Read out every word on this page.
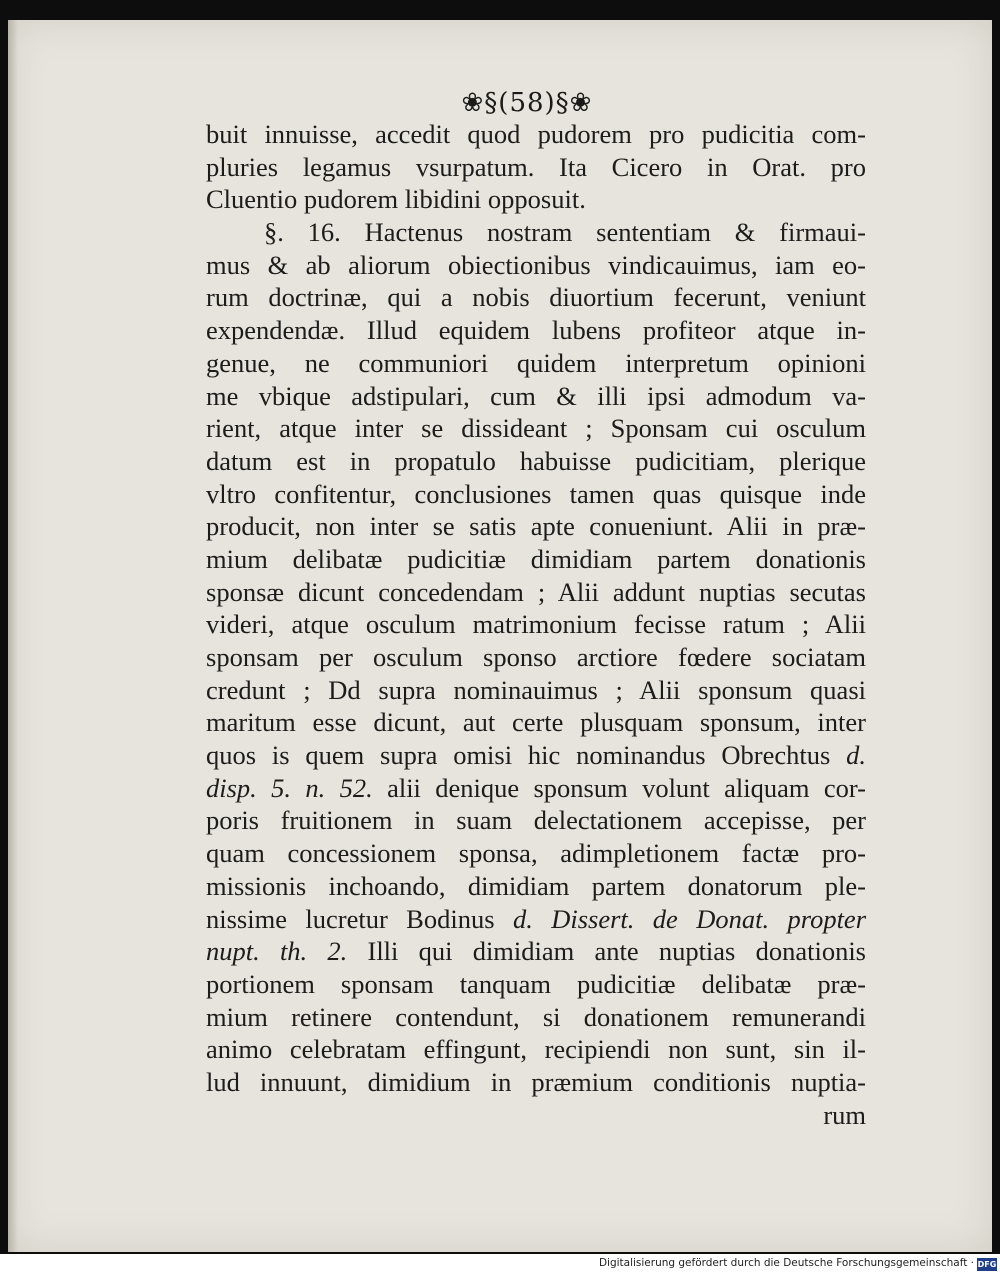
❀§(58)§❀
buit innuisse, accedit quod pudorem pro pudicitia com-
pluries legamus vsurpatum. Ita Cicero in Orat. pro
Cluentio pudorem libidini opposuit.
§. 16. Hactenus nostram sententiam & firmaui-
mus & ab aliorum obiectionibus vindicauimus, iam eo-
rum doctrinæ, qui a nobis diuortium fecerunt, veniunt
expendendæ. Illud equidem lubens profiteor atque in-
genue, ne communiori quidem interpretum opinioni
me vbique adstipulari, cum & illi ipsi admodum va-
rient, atque inter se dissideant ; Sponsam cui osculum
datum est in propatulo habuisse pudicitiam, plerique
vltro confitentur, conclusiones tamen quas quisque inde
producit, non inter se satis apte conueniunt. Alii in præ-
mium delibatæ pudicitiæ dimidiam partem donationis
sponsæ dicunt concedendam ; Alii addunt nuptias secutas
videri, atque osculum matrimonium fecisse ratum ; Alii
sponsam per osculum sponso arctiore fœdere sociatam
credunt ; Dd supra nominauimus ; Alii sponsum quasi
maritum esse dicunt, aut certe plusquam sponsum, inter
quos is quem supra omisi hic nominandus Obrechtus d.
disp. 5. n. 52. alii denique sponsum volunt aliquam cor-
poris fruitionem in suam delectationem accepisse, per
quam concessionem sponsa, adimpletionem factæ pro-
missionis inchoando, dimidiam partem donatorum ple-
nissime lucretur Bodinus d. Dissert. de Donat. propter
nupt. th. 2. Illi qui dimidiam ante nuptias donationis
portionem sponsam tanquam pudicitiæ delibatæ præ-
mium retinere contendunt, si donationem remunerandi
animo celebratam effingunt, recipiendi non sunt, sin il-
lud innuunt, dimidium in præmium conditionis nuptia-
rum
Digitalisierung gefördert durch die Deutsche Forschungsgemeinschaft · DFG
